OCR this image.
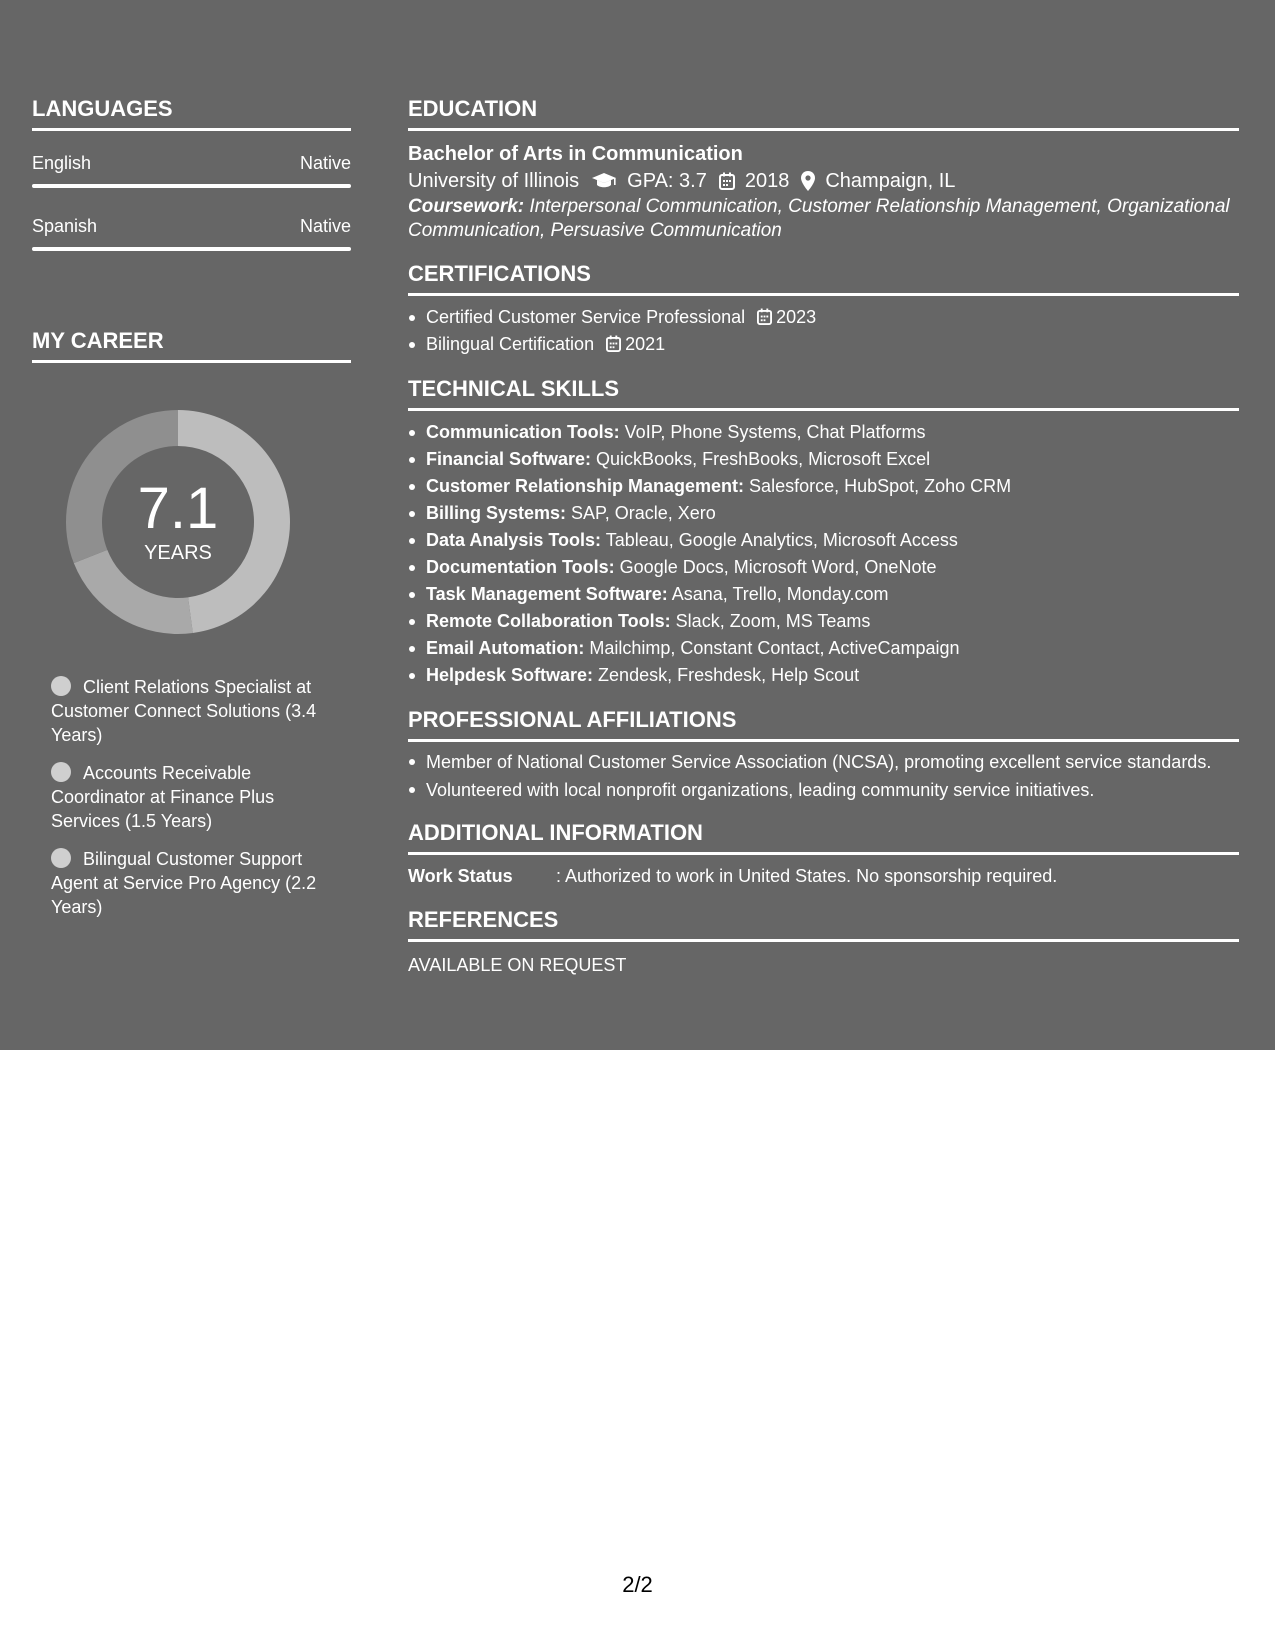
LANGUAGES
English	Native
Spanish	Native
MY CAREER
7.1
YEARS
Client Relations Specialist at Customer Connect Solutions (3.4 Years)
Accounts Receivable Coordinator at Finance Plus Services (1.5 Years)
Bilingual Customer Support Agent at Service Pro Agency (2.2 Years)
EDUCATION
Bachelor of Arts in Communication
University of Illinois GPA: 3.7 2018 Champaign, IL
Coursework: Interpersonal Communication, Customer Relationship Management, Organizational Communication, Persuasive Communication
CERTIFICATIONS
Certified Customer Service Professional 2023
Bilingual Certification 2021
TECHNICAL SKILLS
Communication Tools: VoIP, Phone Systems, Chat Platforms
Financial Software: QuickBooks, FreshBooks, Microsoft Excel
Customer Relationship Management: Salesforce, HubSpot, Zoho CRM
Billing Systems: SAP, Oracle, Xero
Data Analysis Tools: Tableau, Google Analytics, Microsoft Access
Documentation Tools: Google Docs, Microsoft Word, OneNote
Task Management Software: Asana, Trello, Monday.com
Remote Collaboration Tools: Slack, Zoom, MS Teams
Email Automation: Mailchimp, Constant Contact, ActiveCampaign
Helpdesk Software: Zendesk, Freshdesk, Help Scout
PROFESSIONAL AFFILIATIONS
Member of National Customer Service Association (NCSA), promoting excellent service standards.
Volunteered with local nonprofit organizations, leading community service initiatives.
ADDITIONAL INFORMATION
Work Status	: Authorized to work in United States. No sponsorship required.
REFERENCES
AVAILABLE ON REQUEST
2/2
